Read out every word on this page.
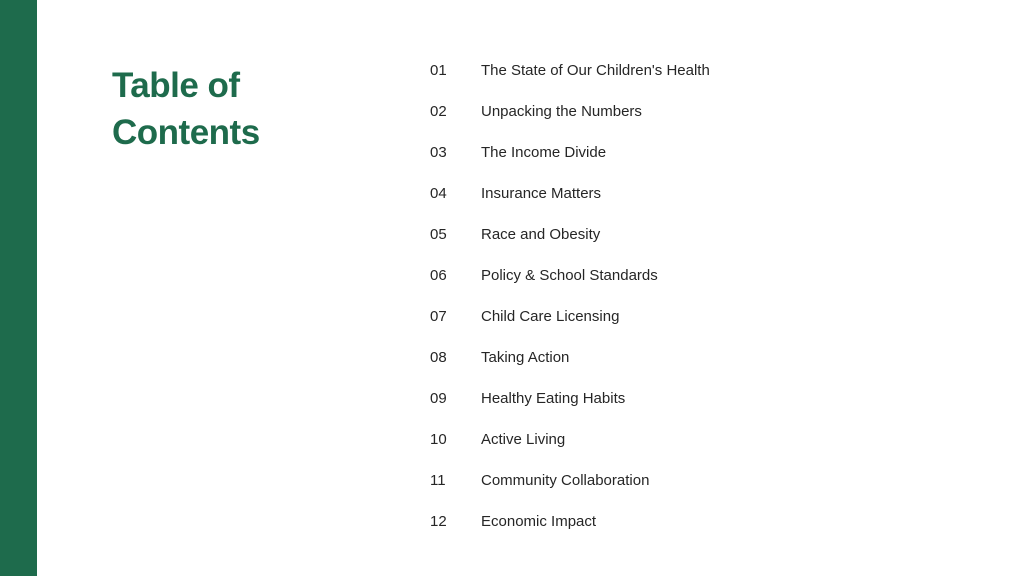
Table of Contents
01	The State of Our Children's Health
02	Unpacking the Numbers
03	The Income Divide
04	Insurance Matters
05	Race and Obesity
06	Policy & School Standards
07	Child Care Licensing
08	Taking Action
09	Healthy Eating Habits
10	Active Living
11	Community Collaboration
12	Economic Impact
